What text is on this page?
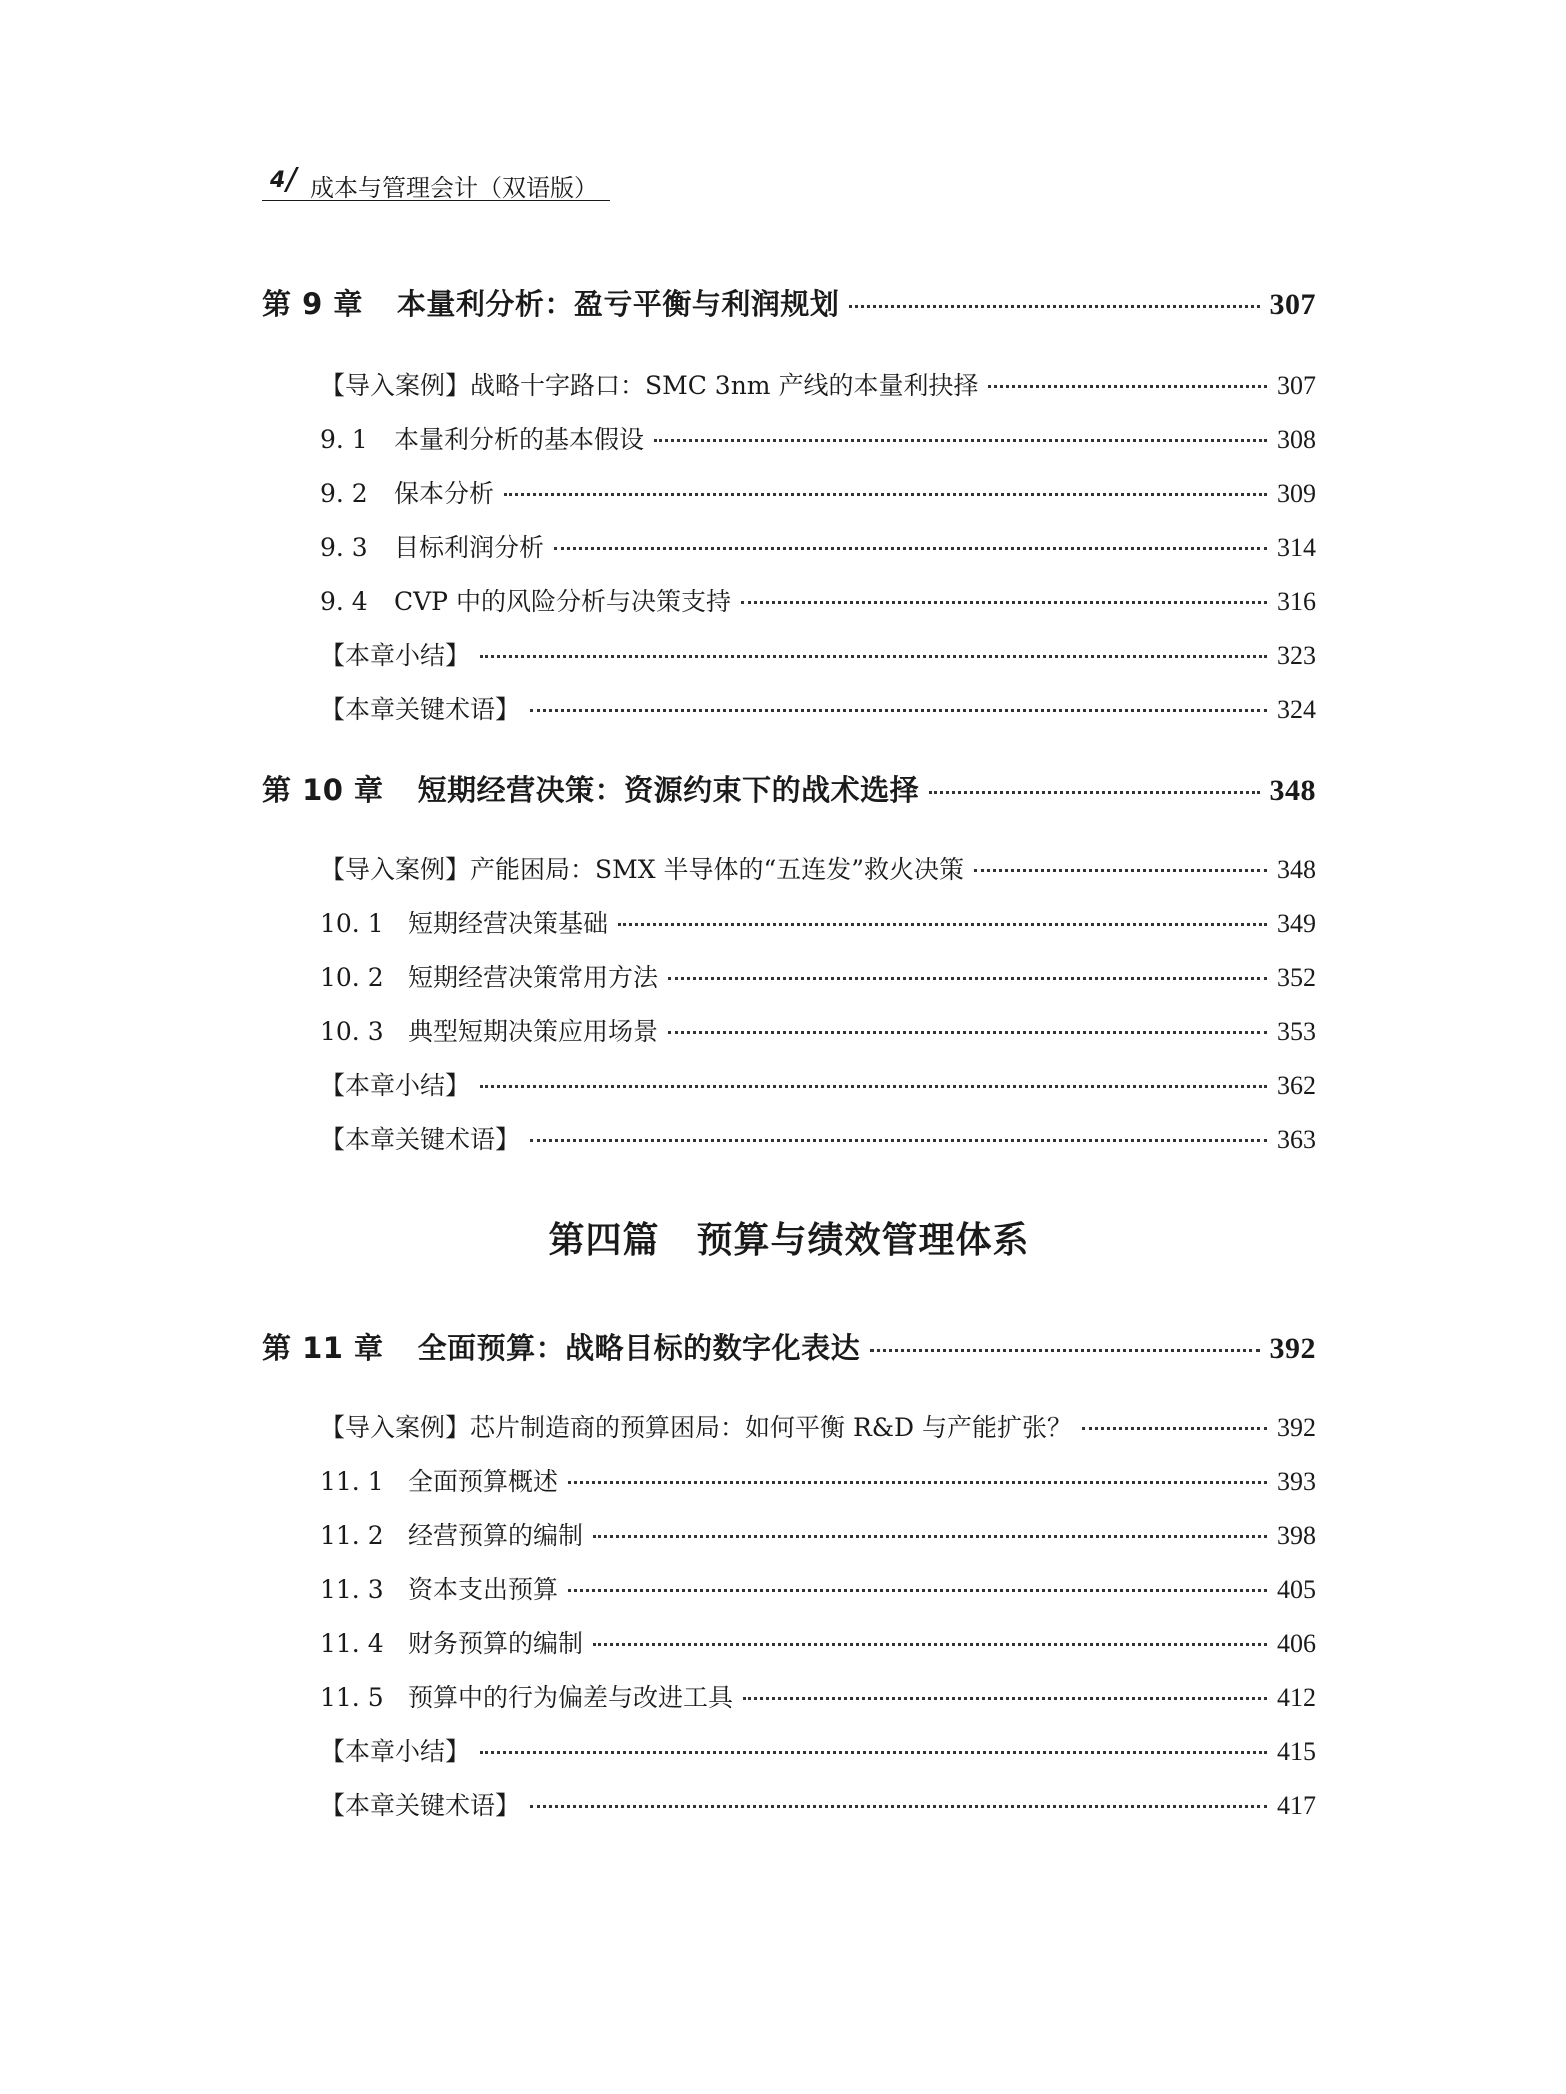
4 // 成本与管理会计（双语版）
第 9 章 本量利分析：盈亏平衡与利润规划	307
【导入案例】战略十字路口：SMC 3nm 产线的本量利抉择	307
9. 1	本量利分析的基本假设	308
9. 2	保本分析	309
9. 3	目标利润分析	314
9. 4	CVP 中的风险分析与决策支持	316
【本章小结】	323
【本章关键术语】	324
第 10 章 短期经营决策：资源约束下的战术选择	348
【导入案例】产能困局：SMX 半导体的“五连发”救火决策	348
10. 1 短期经营决策基础	349
10. 2 短期经营决策常用方法	352
10. 3 典型短期决策应用场景	353
【本章小结】	362
【本章关键术语】	363
第四篇　预算与绩效管理体系
第 11 章 全面预算：战略目标的数字化表达	392
【导入案例】芯片制造商的预算困局：如何平衡 R&D 与产能扩张？	392
11. 1 全面预算概述	393
11. 2 经营预算的编制	398
11. 3 资本支出预算	405
11. 4 财务预算的编制	406
11. 5 预算中的行为偏差与改进工具	412
【本章小结】	415
【本章关键术语】	417
